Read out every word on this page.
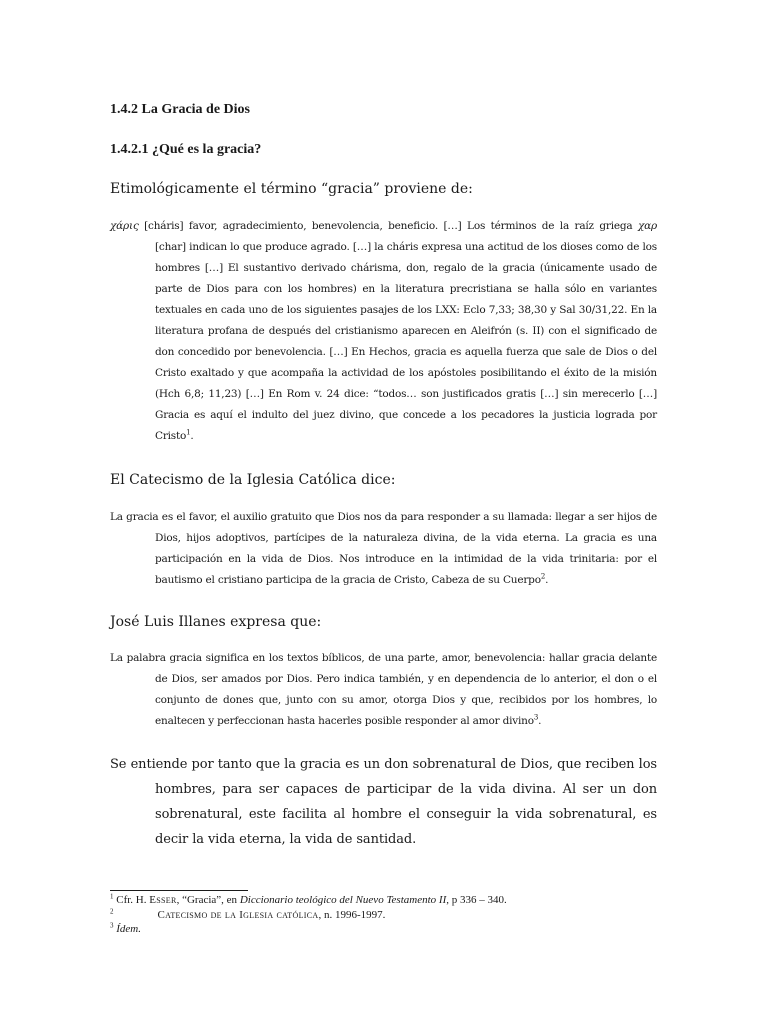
1.4.2 La Gracia de Dios
1.4.2.1 ¿Qué es la gracia?

Etimológicamente el término “gracia” proviene de:

χάρις [cháris] favor, agradecimiento, benevolencia, beneficio. […] Los términos de la raíz griega χαρ [char] indican lo que produce agrado. […] la cháris expresa una actitud de los dioses como de los hombres […] El sustantivo derivado chárisma, don, regalo de la gracia (únicamente usado de parte de Dios para con los hombres) en la literatura precristiana se halla sólo en variantes textuales en cada uno de los siguientes pasajes de los LXX: Eclo 7,33; 38,30 y Sal 30/31,22. En la literatura profana de después del cristianismo aparecen en Aleifrón (s. II) con el significado de don concedido por benevolencia. […] En Hechos, gracia es aquella fuerza que sale de Dios o del Cristo exaltado y que acompaña la actividad de los apóstoles posibilitando el éxito de la misión (Hch 6,8; 11,23) […] En Rom v. 24 dice: “todos… son justificados gratis […] sin merecerlo […] Gracia es aquí el indulto del juez divino, que concede a los pecadores la justicia lograda por Cristo$^1$.

El Catecismo de la Iglesia Católica dice:

La gracia es el favor, el auxilio gratuito que Dios nos da para responder a su llamada: llegar a ser hijos de Dios, hijos adoptivos, partícipes de la naturaleza divina, de la vida eterna. La gracia es una participación en la vida de Dios. Nos introduce en la intimidad de la vida trinitaria: por el bautismo el cristiano participa de la gracia de Cristo, Cabeza de su Cuerpo$^2$.

José Luis Illanes expresa que:

La palabra gracia significa en los textos bíblicos, de una parte, amor, benevolencia: hallar gracia delante de Dios, ser amados por Dios. Pero indica también, y en dependencia de lo anterior, el don o el conjunto de dones que, junto con su amor, otorga Dios y que, recibidos por los hombres, lo enaltecen y perfeccionan hasta hacerles posible responder al amor divino$^3$.

Se entiende por tanto que la gracia es un don sobrenatural de Dios, que reciben los hombres, para ser capaces de participar de la vida divina. Al ser un don sobrenatural, este facilita al hombre el conseguir la vida sobrenatural, es decir la vida eterna, la vida de santidad.

$^1$ Cfr. H. Esser, “Gracia”, en Diccionario teológico del Nuevo Testamento II, p 336 – 340.

$^2$	Catecismo de la Iglesia católica, n. 1996-1997.

$^3$ Ídem.
